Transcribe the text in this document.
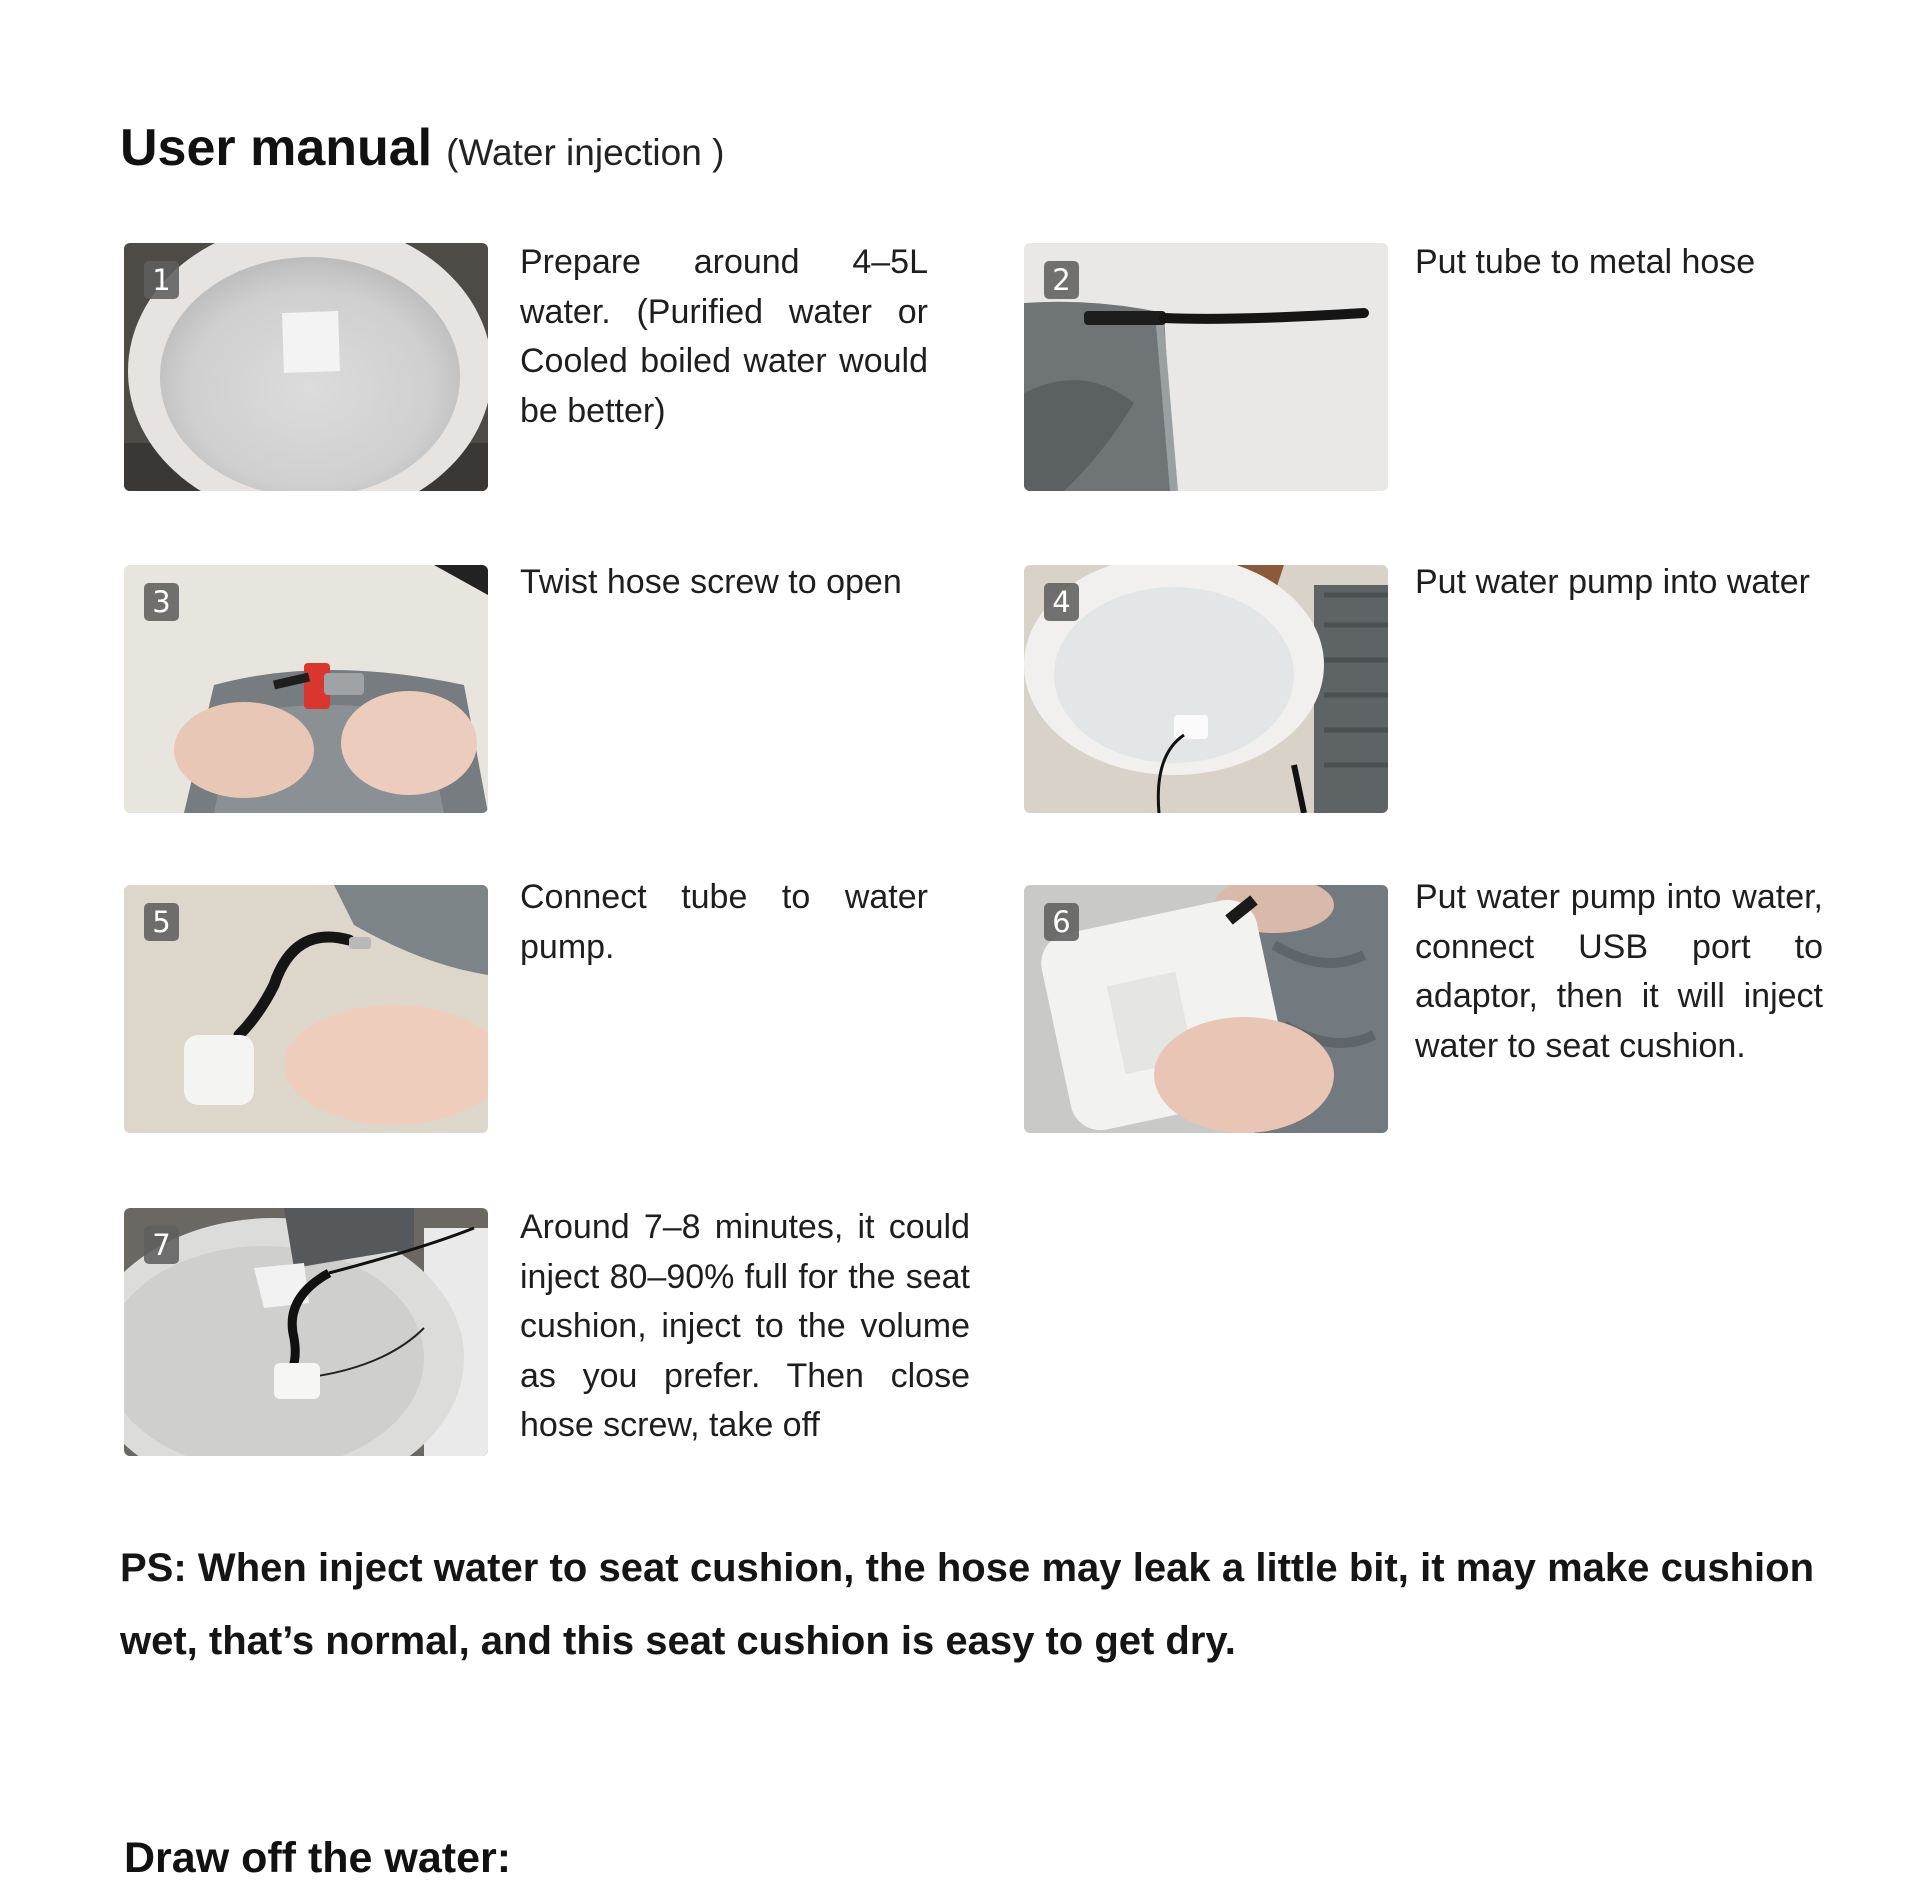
User manual (Water injection )
1	Prepare around 4–5L water. (Purified water or Cooled boiled water would be better)
2	Put tube to metal hose
3
Twist hose screw to open
4
Put water pump into water
5
Connect tube to water pump.
6
Put water pump into water, connect USB port to adaptor, then it will inject water to seat cushion.
7	Around 7–8 minutes, it could inject 80–90% full for the seat cushion, inject to the volume as you prefer. Then close hose screw, take off
PS: When inject water to seat cushion, the hose may leak a little bit, it may make cushion wet, that’s normal, and this seat cushion is easy to get dry.
Draw off the water:
